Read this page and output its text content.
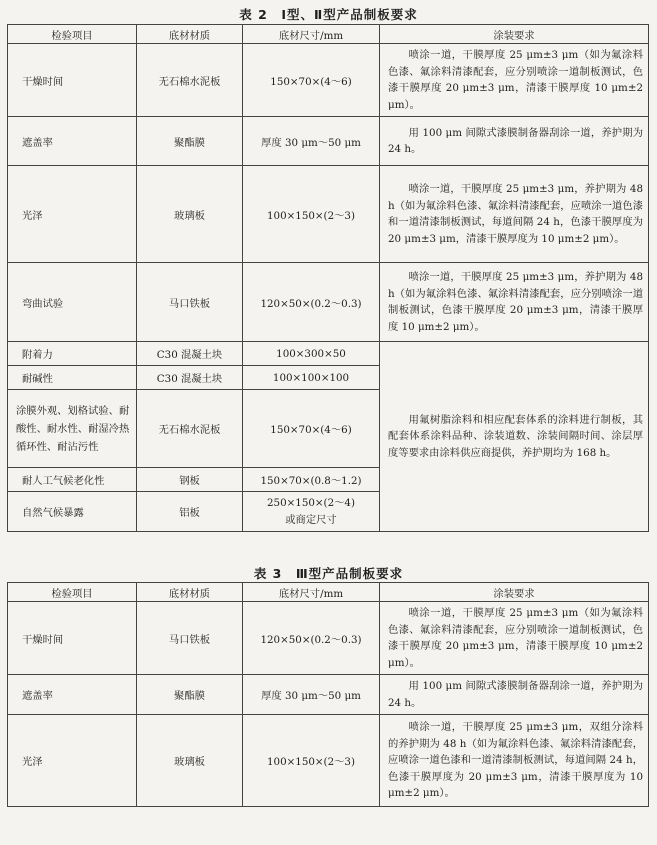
表 2　Ⅰ型、Ⅱ型产品制板要求
检验项目	底材材质	底材尺寸/mm	涂装要求
干燥时间	无石棉水泥板	150×70×(4～6)	喷涂一道，干膜厚度 25 μm±3 μm（如为氟涂料色漆、氟涂料清漆配套，应分别喷涂一道制板测试，色漆干膜厚度 20 μm±3 μm，清漆干膜厚度 10 μm±2 μm）。
遮盖率	聚酯膜	厚度 30 μm～50 μm	用 100 μm 间隙式漆膜制备器刮涂一道，养护期为 24 h。
光泽	玻璃板	100×150×(2～3)	喷涂一道，干膜厚度 25 μm±3 μm，养护期为 48 h（如为氟涂料色漆、氟涂料清漆配套，应喷涂一道色漆和一道清漆制板测试，每道间隔 24 h，色漆干膜厚度为 20 μm±3 μm，清漆干膜厚度为 10 μm±2 μm）。
弯曲试验	马口铁板	120×50×(0.2～0.3)	喷涂一道，干膜厚度 25 μm±3 μm，养护期为 48 h（如为氟涂料色漆、氟涂料清漆配套，应分别喷涂一道制板测试，色漆干膜厚度 20 μm±3 μm，清漆干膜厚度 10 μm±2 μm）。
附着力	C30 混凝土块	100×300×50	用氟树脂涂料和相应配套体系的涂料进行制板，其配套体系涂料品种、涂装道数、涂装间隔时间、涂层厚度等要求由涂料供应商提供，养护期均为 168 h。
耐碱性	C30 混凝土块	100×100×100	
涂膜外观、划格试验、耐酸性、耐水性、耐湿冷热循环性、耐沾污性	无石棉水泥板	150×70×(4～6)	
耐人工气候老化性	钢板	150×70×(0.8～1.2)	
自然气候暴露	铝板	250×150×(2～4)
或商定尺寸	
表 3　Ⅲ型产品制板要求
检验项目	底材材质	底材尺寸/mm	涂装要求
干燥时间	马口铁板	120×50×(0.2～0.3)	喷涂一道，干膜厚度 25 μm±3 μm（如为氟涂料色漆、氟涂料清漆配套，应分别喷涂一道制板测试，色漆干膜厚度 20 μm±3 μm，清漆干膜厚度 10 μm±2 μm）。
遮盖率	聚酯膜	厚度 30 μm～50 μm	用 100 μm 间隙式漆膜制备器刮涂一道，养护期为 24 h。
光泽	玻璃板	100×150×(2～3)	喷涂一道，干膜厚度 25 μm±3 μm，双组分涂料的养护期为 48 h（如为氟涂料色漆、氟涂料清漆配套，应喷涂一道色漆和一道清漆制板测试，每道间隔 24 h，色漆干膜厚度为 20 μm±3 μm，清漆干膜厚度为 10 μm±2 μm）。
